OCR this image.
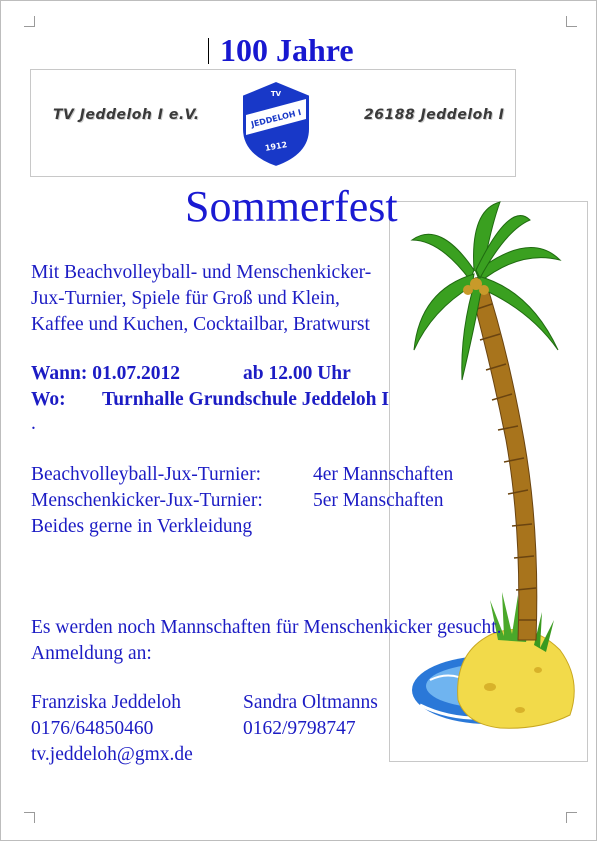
100 Jahre
TV Jeddeloh I e.V.
TV
JEDDELOH I
1912
26188 Jeddeloh I
Sommerfest
Mit Beachvolleyball- und Menschenkicker-
Jux-Turnier, Spiele für Groß und Klein,
Kaffee und Kuchen, Cocktailbar, Bratwurst
Wann: 01.07.2012	ab 12.00 Uhr
Wo: Turnhalle Grundschule Jeddeloh I
.
Beachvolleyball-Jux-Turnier:	4er Mannschaften
Menschenkicker-Jux-Turnier:	5er Manschaften
Beides gerne in Verkleidung
Es werden noch Mannschaften für Menschenkicker gesucht.
Anmeldung an:
Franziska Jeddeloh	Sandra Oltmanns
0176/64850460	0162/9798747
tv.jeddeloh@gmx.de
